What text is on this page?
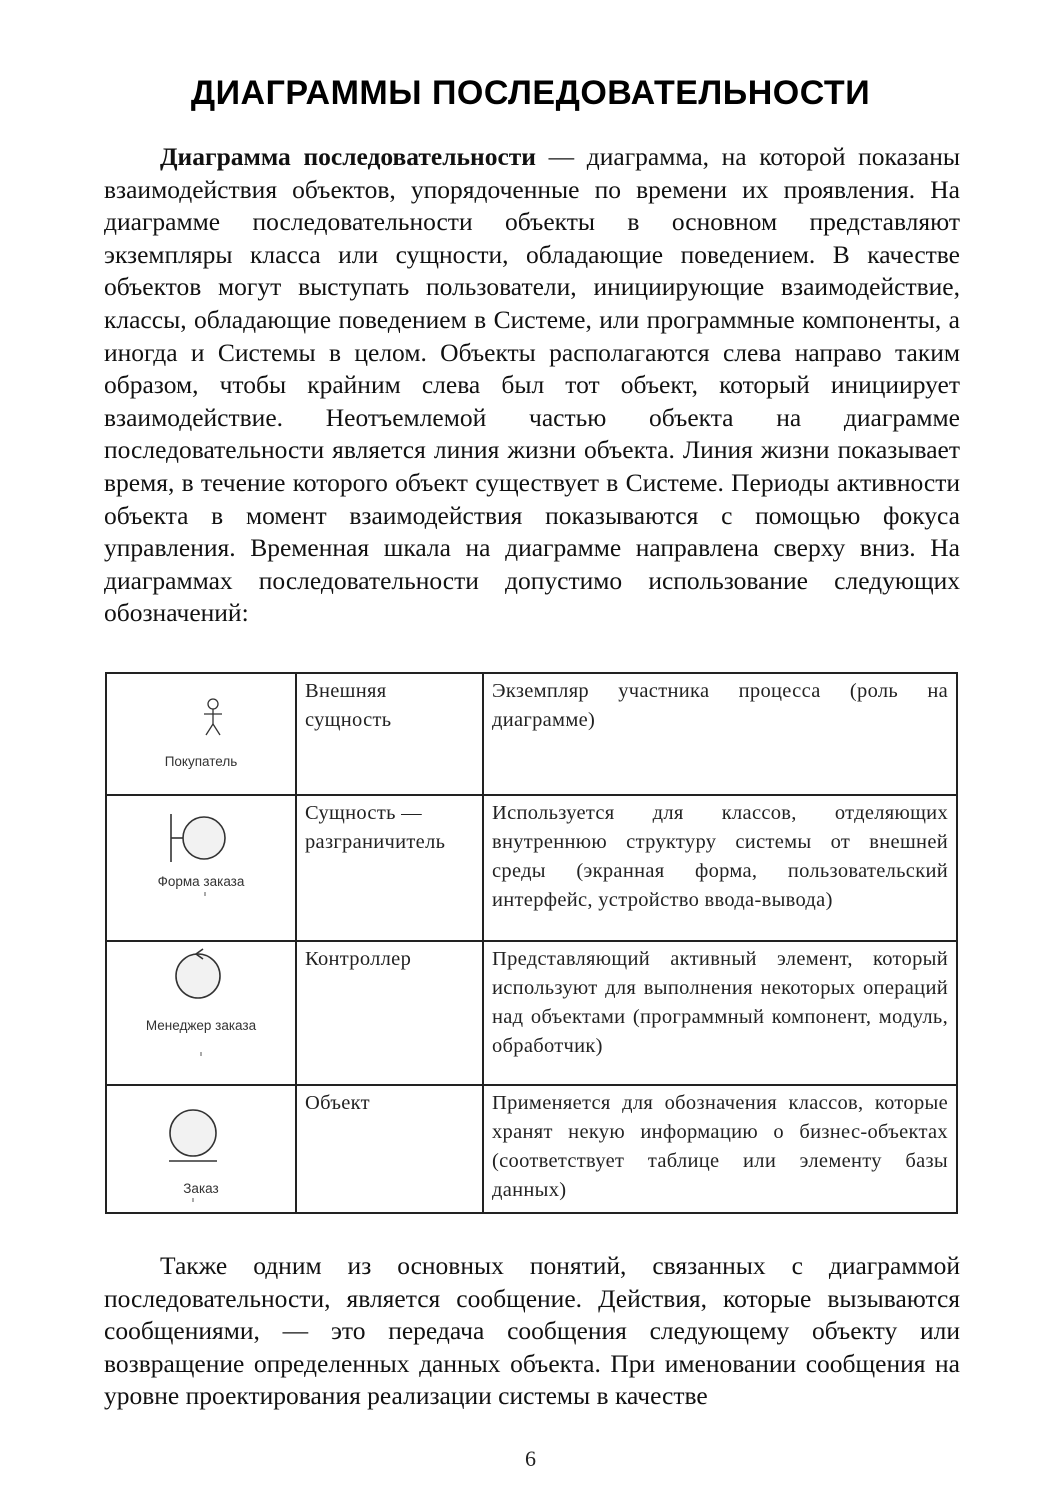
ДИАГРАММЫ ПОСЛЕДОВАТЕЛЬНОСТИ
Диаграмма последовательности — диаграмма, на которой показаны взаимодействия объектов, упорядоченные по времени их проявления. На диаграмме последовательности объекты в основном представляют экземпляры класса или сущности, обладающие поведением. В качестве объектов могут выступать пользователи, инициирующие взаимодействие, классы, обладающие поведением в Системе, или программные компоненты, а иногда и Системы в целом. Объекты располагаются слева направо таким образом, чтобы крайним слева был тот объект, который инициирует взаимодействие. Неотъемлемой частью объекта на диаграмме последовательности является линия жизни объекта. Линия жизни показывает время, в течение которого объект существует в Системе. Периоды активности объекта в момент взаимодействия показываются с помощью фокуса управления. Временная шкала на диаграмме направлена сверху вниз. На диаграммах последовательности допустимо использование следующих обозначений:
Покупатель	Внешняя сущность	Экземпляр участника процесса (роль на диаграмме)

Форма заказа	Сущность — разграничитель	Используется для классов, отделяющих внутреннюю структуру системы от внешней среды (экранная форма, пользовательский интерфейс, устройство ввода-вывода)

Менеджер заказа	Контроллер	Представляющий активный элемент, который используют для выполнения некоторых операций над объектами (программный компонент, модуль, обработчик)

Заказ	Объект	Применяется для обозначения классов, которые хранят некую информацию о бизнес-объектах (соответствует таблице или элементу базы данных)
Также одним из основных понятий, связанных с диаграммой последовательности, является сообщение. Действия, которые вызываются сообщениями, — это передача сообщения следующему объекту или возвращение определенных данных объекта. При именовании сообщения на уровне проектирования реализации системы в качестве
6
